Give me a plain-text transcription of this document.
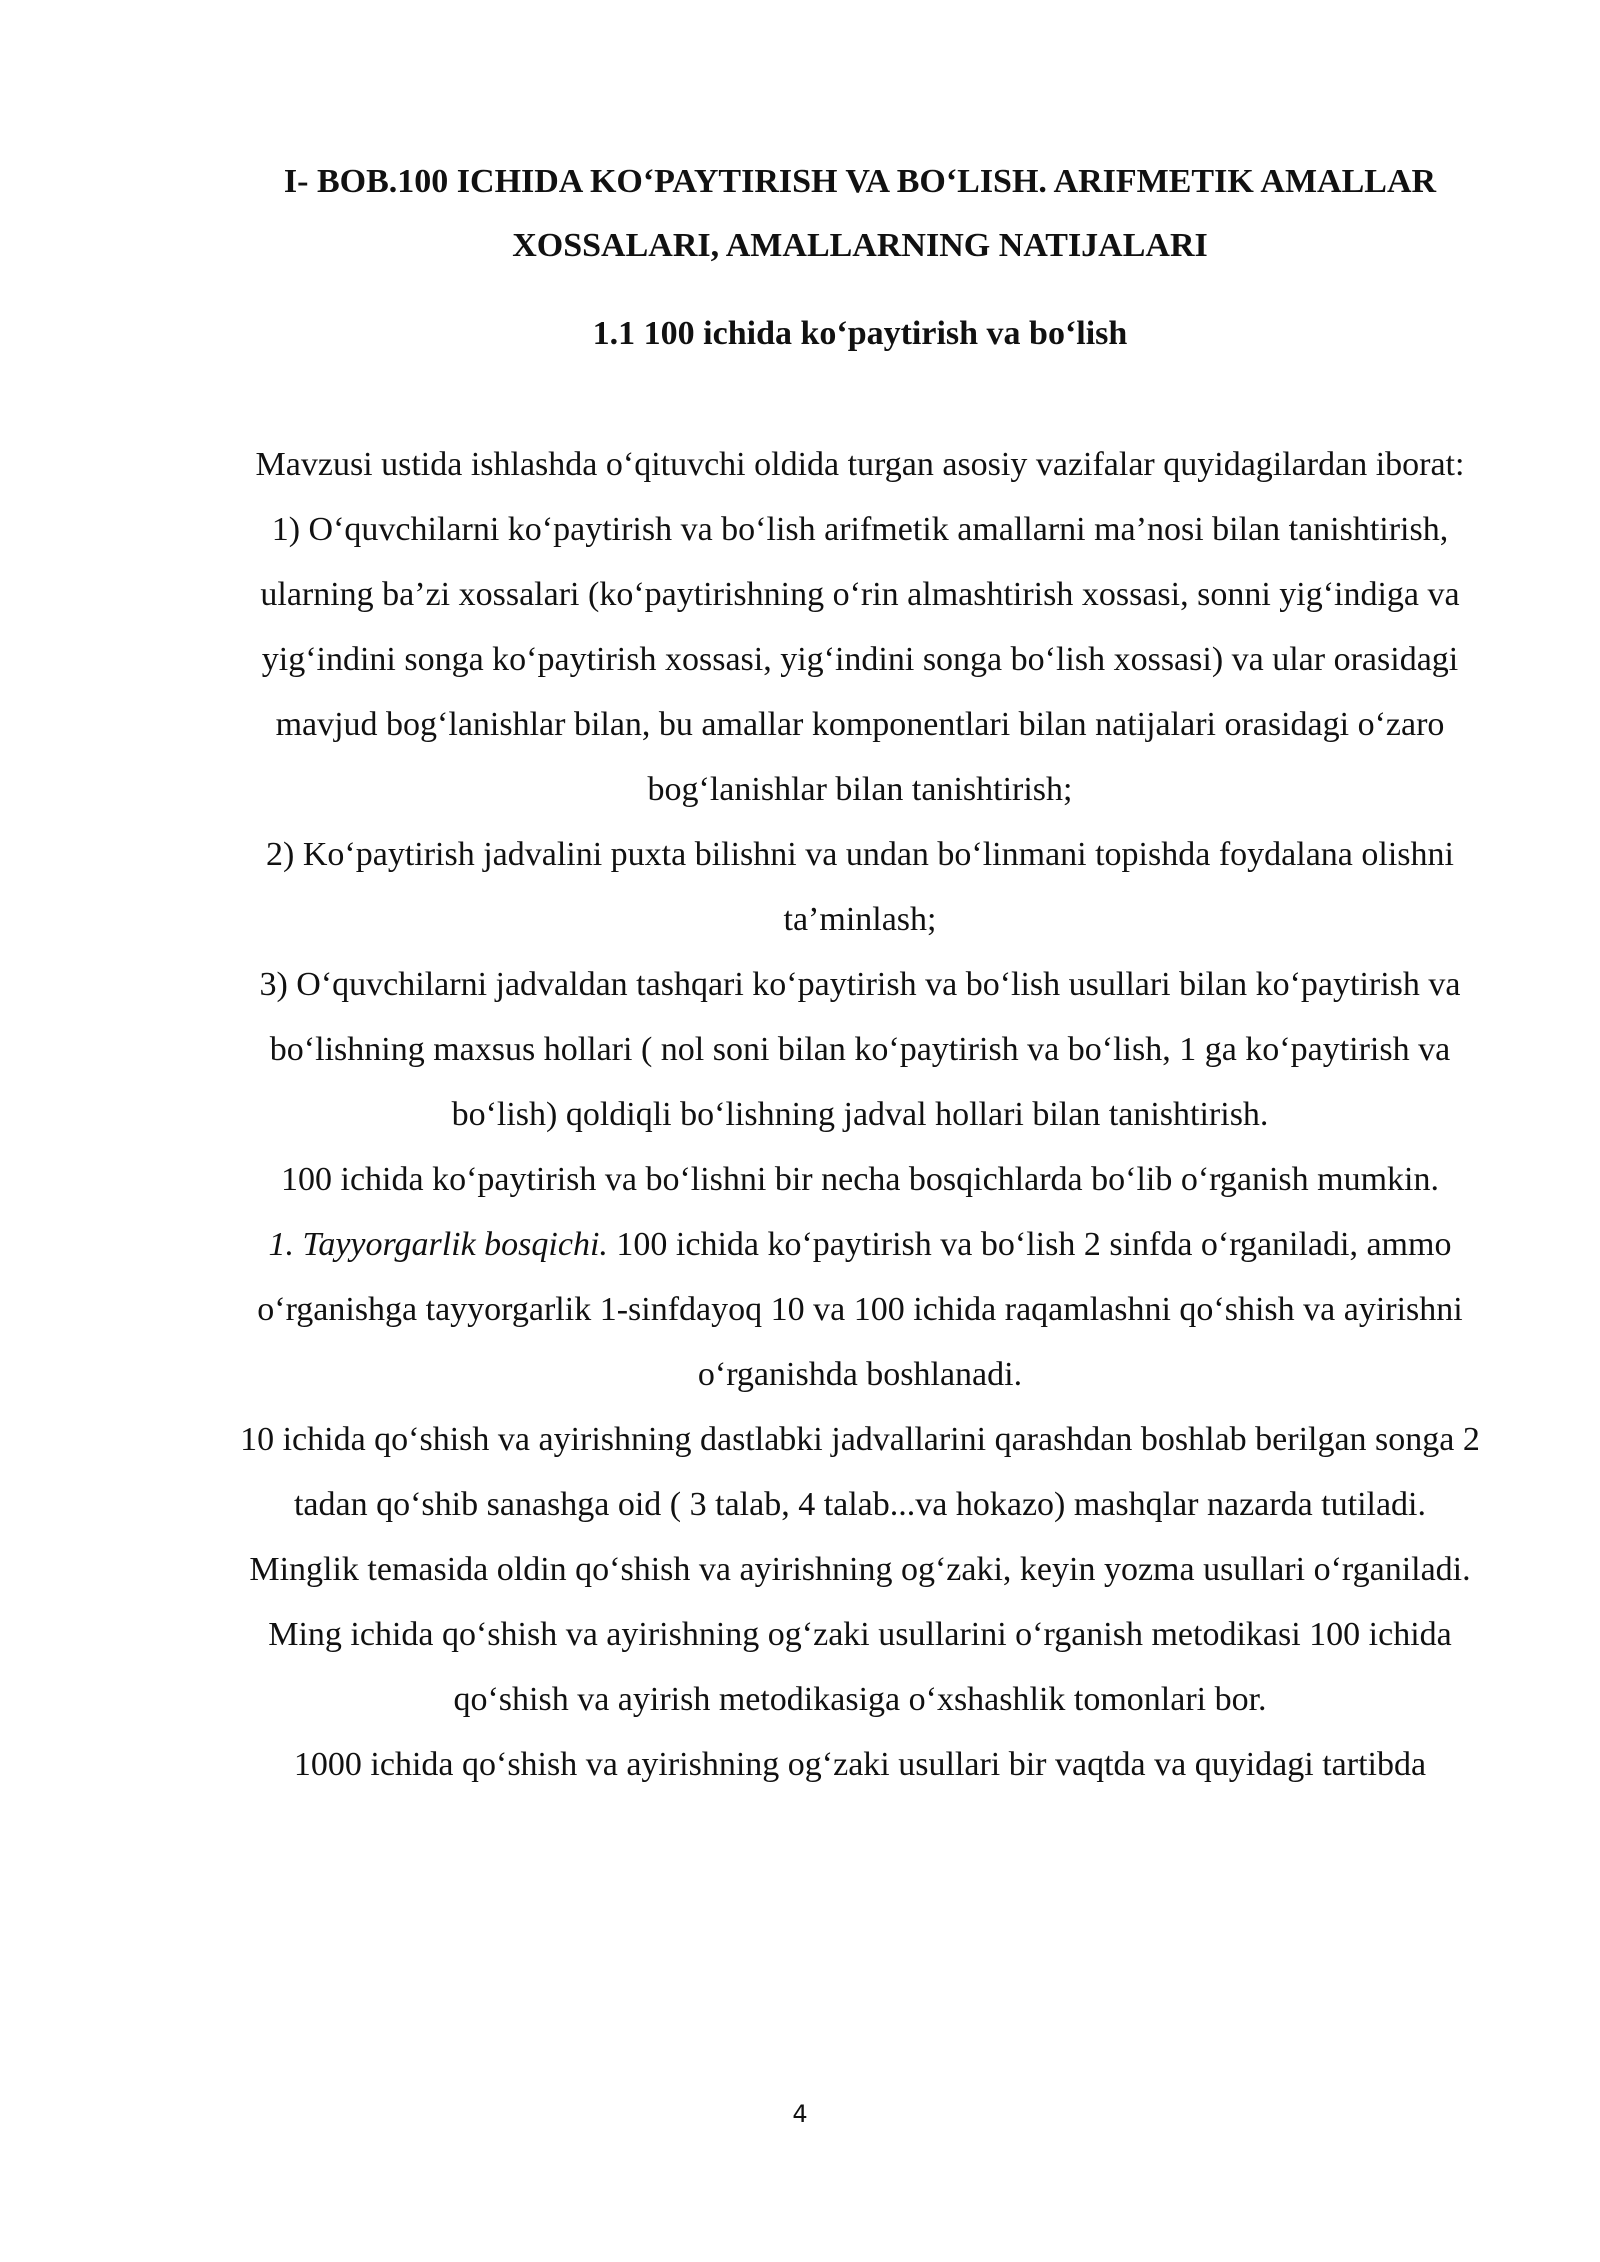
I- BOB.100 ICHIDA KO‘PAYTIRISH VA BO‘LISH. ARIFMETIK AMALLAR XOSSALARI, AMALLARNING NATIJALARI
1.1 100 ichida ko‘paytirish va bo‘lish

Mavzusi ustida ishlashda o‘qituvchi oldida turgan asosiy vazifalar quyidagilardan iborat:

1) O‘quvchilarni ko‘paytirish va bo‘lish arifmetik amallarni ma’nosi bilan tanishtirish, ularning ba’zi xossalari (ko‘paytirishning o‘rin almashtirish xossasi, sonni yig‘indiga va yig‘indini songa ko‘paytirish xossasi, yig‘indini songa bo‘lish xossasi) va ular orasidagi mavjud bog‘lanishlar bilan, bu amallar komponentlari bilan natijalari orasidagi o‘zaro bog‘lanishlar bilan tanishtirish;

2) Ko‘paytirish jadvalini puxta bilishni va undan bo‘linmani topishda foydalana olishni ta’minlash;

3) O‘quvchilarni jadvaldan tashqari ko‘paytirish va bo‘lish usullari bilan ko‘paytirish va bo‘lishning maxsus hollari ( nol soni bilan ko‘paytirish va bo‘lish, 1 ga ko‘paytirish va bo‘lish) qoldiqli bo‘lishning jadval hollari bilan tanishtirish.

100 ichida ko‘paytirish va bo‘lishni bir necha bosqichlarda bo‘lib o‘rganish mumkin.

1. Tayyorgarlik bosqichi. 100 ichida ko‘paytirish va bo‘lish 2 sinfda o‘rganiladi, ammo o‘rganishga tayyorgarlik 1-sinfdayoq 10 va 100 ichida raqamlashni qo‘shish va ayirishni o‘rganishda boshlanadi.

10 ichida qo‘shish va ayirishning dastlabki jadvallarini qarashdan boshlab berilgan songa 2 tadan qo‘shib sanashga oid ( 3 talab, 4 talab...va hokazo) mashqlar nazarda tutiladi.

Minglik temasida oldin qo‘shish va ayirishning og‘zaki, keyin yozma usullari o‘rganiladi.

Ming ichida qo‘shish va ayirishning og‘zaki usullarini o‘rganish metodikasi 100 ichida qo‘shish va ayirish metodikasiga o‘xshashlik tomonlari bor.

1000 ichida qo‘shish va ayirishning og‘zaki usullari bir vaqtda va quyidagi tartibda

4
